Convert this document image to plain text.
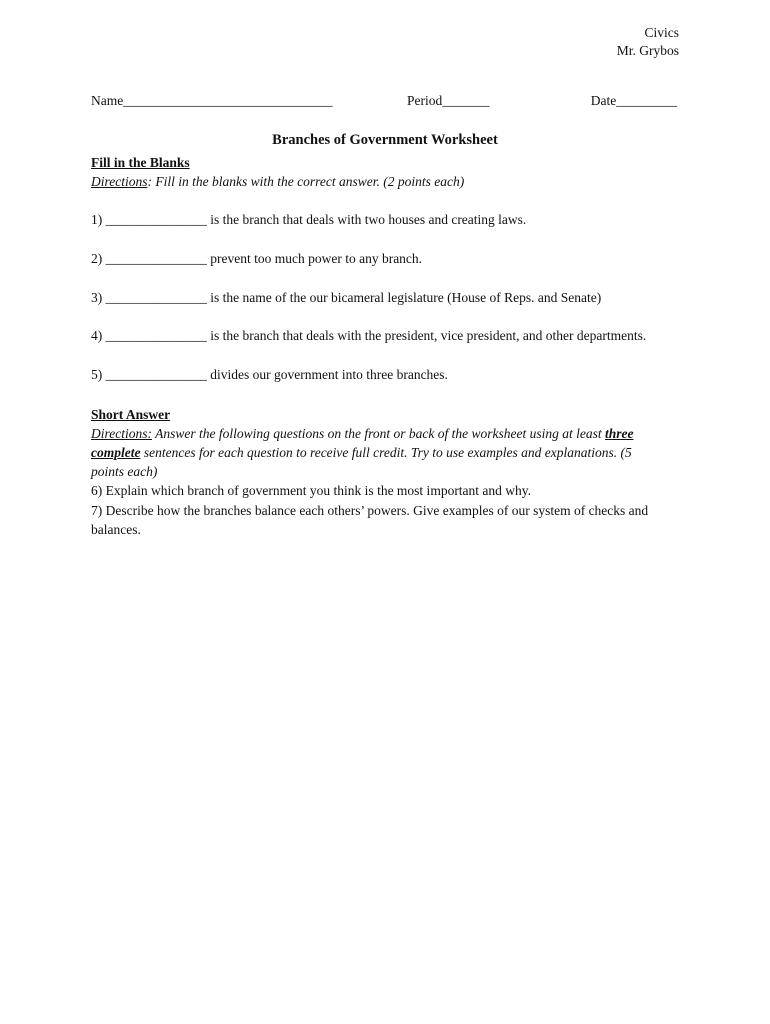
Civics
Mr. Grybos
Name_______________________________	Period_______	Date_________
Branches of Government Worksheet
Fill in the Blanks
Directions: Fill in the blanks with the correct answer. (2 points each)
1) _______________ is the branch that deals with two houses and creating laws.
2) _______________ prevent too much power to any branch.
3) _______________ is the name of the our bicameral legislature (House of Reps. and Senate)
4) _______________ is the branch that deals with the president, vice president, and other departments.
5) _______________ divides our government into three branches.
Short Answer
Directions: Answer the following questions on the front or back of the worksheet using at least three complete sentences for each question to receive full credit. Try to use examples and explanations. (5 points each)
6) Explain which branch of government you think is the most important and why.
7) Describe how the branches balance each others’ powers. Give examples of our system of checks and balances.
